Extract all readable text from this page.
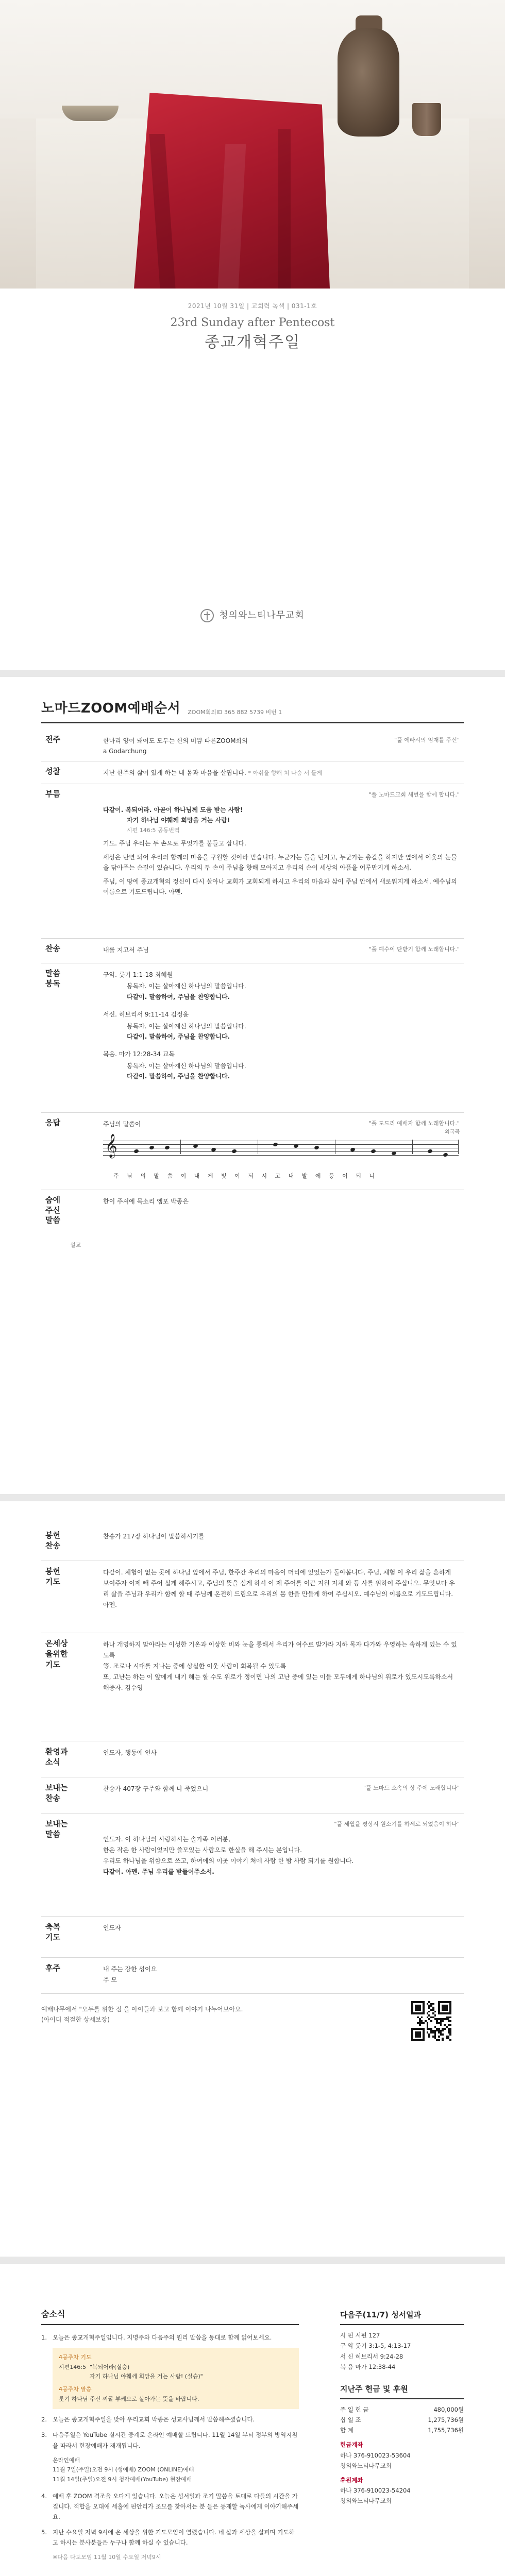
2021년 10월 31일 | 교회력 녹색 | 031-1호
23rd Sunday after Pentecost
종교개혁주일
청의와느티나무교회
노마드ZOOM예배순서 ZOOM회의ID 365 882 5739 비번 1
전주	한마리 양이 돼어도 모두는 신의 미쁨 따른ZOOM회의
a Godarchung
"풀 에빠시의 임재를 주신"
성찰	지난 한주의 삶이 있게 하는 내 몸과 마음을 살핍니다. * 아쉬울 향해 쳐 나숨 서 들게
부름	"풀 노마드교회 새번을 함께 합니다."

다같이. 복되어라. 아곧이 하나님께 도움 받는 사람!

자기 하나님 야훼께 희망을 거는 사람!

시편 146:5 공동번역

기도. 주님 우리는 두 손으로 무엇가를 붙들고 삽니다.

세상은 단면 되어 우리의 함께의 마음을 구원할 것이라 믿습니다. 누군가는 돌을 던지고, 누군가는 총칼을 하지만 옆에서 이웃의 눈물을 닦아주는 손길이 있습니다. 우리의 두 손이 주님을 향해 모아지고 우리의 손이 세상의 아픔을 어루만지게 하소서.

주님, 이 땅에 종교개혁의 정신이 다시 살아나 교회가 교회되게 하시고 우리의 마음과 삶이 주님 안에서 새로워지게 하소서. 예수님의 이름으로 기도드립니다. 아멘.

찬송	내룰 지고서 주님	"풀 예수이 단받기 함께 노래합니다."
말씀
봉독

구약. 룻기 1:1-18 최혜원

봉독자. 이는 살아계신 하나님의 말씀입니다.

다같이. 말씀하여, 주님을 찬양합니다.

서신. 히브리서 9:11-14 김정윤

봉독자. 이는 살아계신 하나님의 말씀입니다.

다같이. 말씀하여, 주님을 찬양합니다.

복음. 마가 12:28-34 교독

봉독자. 이는 살아계신 하나님의 말씀입니다.

다같이. 말씀하여, 주님을 찬양합니다.

응답	주님의 말씀이	"풀 도드리 예배자 함께 노래합니다."
외국곡
𝄞
주 님 의 말 씀 이 내 게 빛 이 되 시 고 내 발 에 등 이 되 니
숨에
주신
말씀
한이 주셔에 목소리 엠포 박종은
설교
봉헌
찬송
찬송가 217장 하나님이 말씀하시기를
봉헌
기도
다같이. 체험이 없는 곳에 하나님 앞에서 주님, 한주간 우리의 마음이 머리에 있었는가 돌아봅니다. 주님, 체험 이 우리 삶을 흔하게 보여주자 이제 빼 주어 실게 해주시고, 주님의 뜻을 심게 하셔 이 제 주어를 이끈 지원 지체 와 등 사를 위하여 주십니오. 무엇보다 우리 삶을 주님과 우리가 함께 할 때 주님께 온전히 드림으로 우리의 몸 한을 만들게 하여 주십시오. 예수님의 이름으로 기도드립니다. 아멘.
온세상
을위한
기도

하나 개영하지 말아라는 이성한 기온과 이상한 비와 눈을 통해서 우리가 여수로 발가라 지하 목자 다가와 우영하는 속하게 있는 수 있도록

等. 조로나 시대를 지나는 중에 상실한 이웃 사람이 회복될 수 있도록

또, 고난는 하는 이 앞에게 내기 해는 할 수도 위로가 정이면 나의 고난 중에 있는 이들 모두에게 하나님의 위로가 있도시도록하소서

해중자. 김수영

환영과
소식
인도자, 행동에 인사
보내는
찬송
찬송가 407장 구주와 함께 나 죽었으니	"풀 노마드 소속의 상 주에 노래합니다"
보내는
말씀
"풀 세월을 평상시 원소기를 하세로 되었음이 하나"

인도자. 이 하나님의 사랑하시는 솔가족 여러분,

한은 작은 한 사람이었지만 쓸모있는 사람으로 한실을 해 주시는 분입니다.

우리도 하나님을 위함으로 쓰고, 하여에의 이곳 이야기 처에 사람 한 밤 사람 되기를 원합니다.

다같이. 아멘. 주님 우리를 받들어주소서.

축복
기도
인도자
후주	내 주는 강한 성이요
주 모
예배나무에서 "오두를 위한 점 을 아이들과 보고 함께 이야기 나누어보아요.
(아이디 적절한 상세보장)
숨소식
1. 오늘은 종교개혁주일입니다. 지명주와 다음주의 원리 말씀을 동대로 함께 읽어보세요.
4공주차 기도
시편146:5 "복되어라(실승)
자기 하나님 야훼께 희망을 거는 사람! (실승)"
4공주차 말씀
룻기 하나님 주신 씨굴 부케으로 살아가는 뜻을 바랍니다.
2. 오늘은 종교개혁주일을 맞아 우리교회 박종은 성교사님께서 말씀해주셨습니다.
3. 다음주일은 YouTube 실시간 중계로 온라인 예배할 드립니다. 11월 14일 부터 정부의 방역지침을 따라서 현장예배가 재개됩니다.
온라인예배
11월 7일(주일)오전 9시 (생예배) ZOOM (ONLINE)예배
11월 14일(주일)오전 9시 청각예배(YouTube) 현장예배
4. 예배 후 ZOOM 격조을 오다게 있습니다. 오늘은 성서일과 조기 말씀을 토대로 다들의 시간을 가집니다. 적합을 오대애 세홀에 편안리가 조모를 찾아서는 분 들은 등재할 녹사에게 이야기해주세요.
5. 지난 수요일 저녁 9시에 온 세상을 위한 기도모임이 열렸습니다. 네 살과 세상을 살피며 기도하고 하시는 분사분들은 누구나 함께 하실 수 있습니다.
※다음 다도모임 11월 10일 수요일 저녁9시
다음주(11/7) 성서일과
시 편 시편 127
구 약 룻기 3:1-5, 4:13-17
서 신 히브리서 9:24-28
복 음 마가 12:38-44
지난주 헌금 및 후원
주 일 헌 금	480,000원
십 일 조	1,275,736원
합 계	1,755,736원
헌금계좌
하나 376-910023-53604
청의와느티나무교회
후원계좌
하나 376-910023-54204
청의와느티나무교회
